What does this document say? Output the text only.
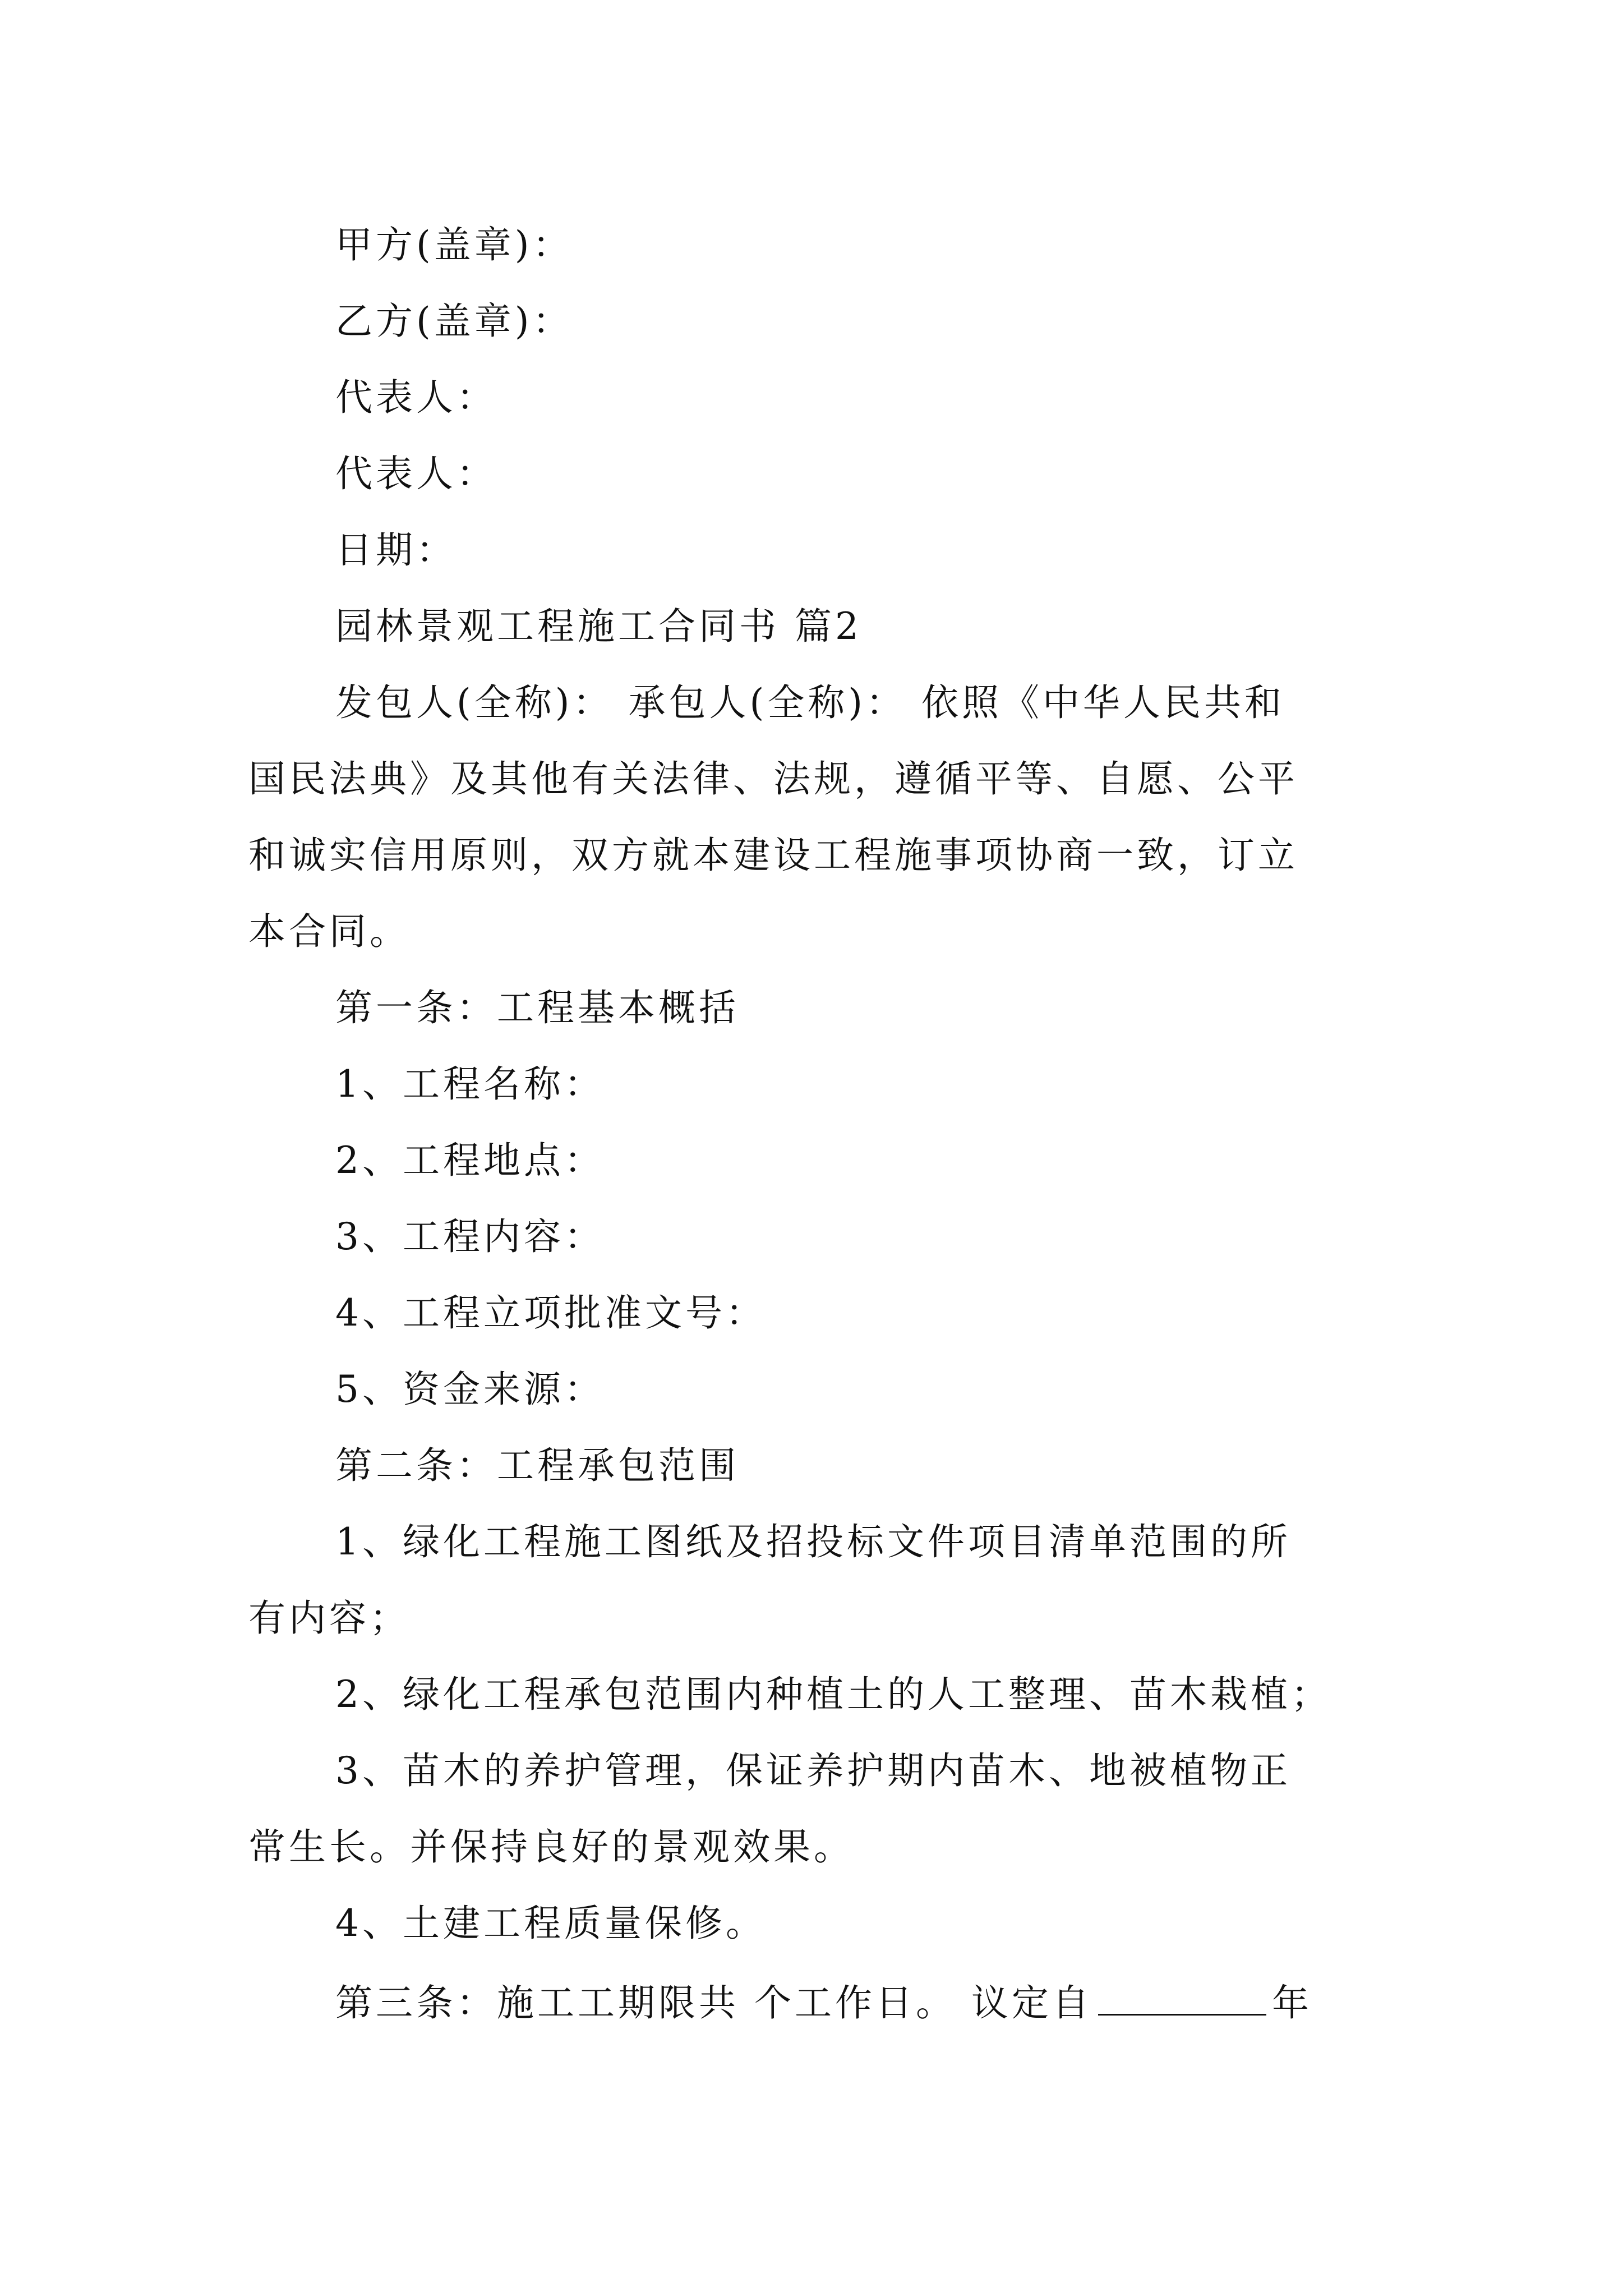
甲方(盖章)：
乙方(盖章)：
代表人：
代表人：
日期：
园林景观工程施工合同书 篇2
发包人(全称)： 承包人(全称)： 依照《中华人民共和
国民法典》及其他有关法律、法规，遵循平等、自愿、公平
和诚实信用原则，双方就本建设工程施事项协商一致，订立
本合同。
第一条：工程基本概括
1、工程名称：
2、工程地点：
3、工程内容：
4、工程立项批准文号：
5、资金来源：
第二条：工程承包范围
1、绿化工程施工图纸及招投标文件项目清单范围的所
有内容；
2、绿化工程承包范围内种植土的人工整理、苗木栽植；
3、苗木的养护管理，保证养护期内苗木、地被植物正
常生长。并保持良好的景观效果。
4、土建工程质量保修。
第三条：施工工期限共 个工作日。 议定自	年
